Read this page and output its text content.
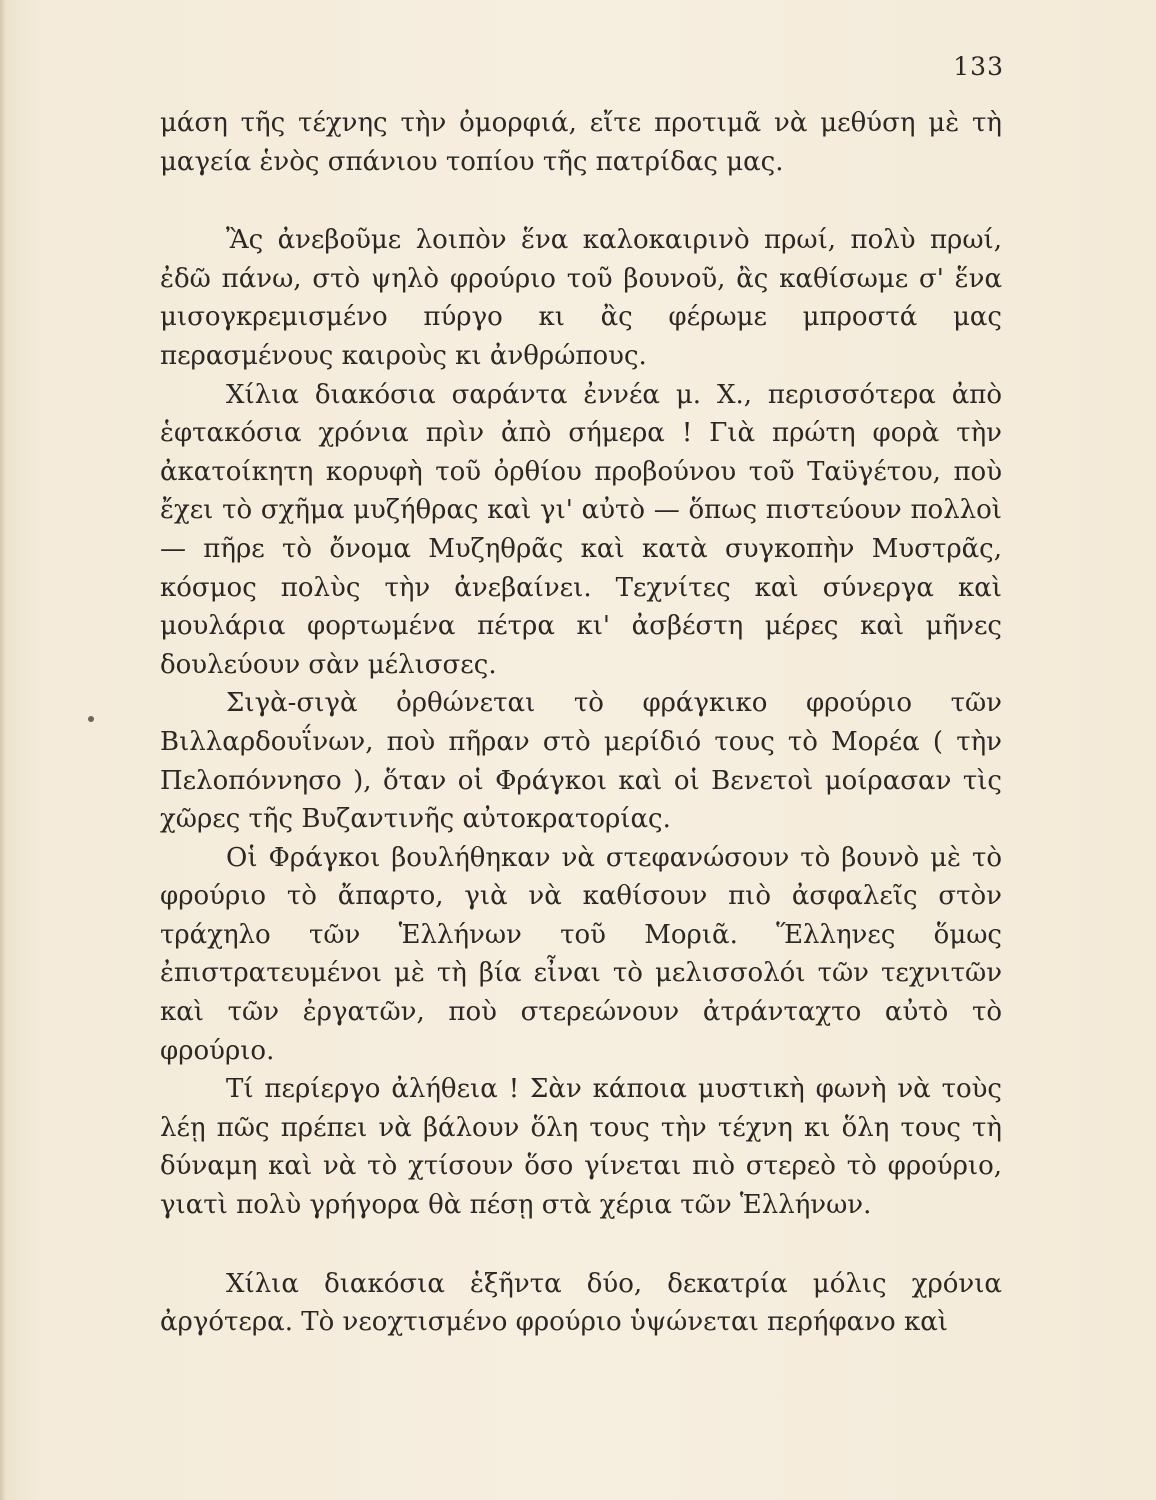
133

μάση τῆς τέχνης τὴν ὀμορφιά, εἴτε προτιμᾶ νὰ μεθύση μὲ τὴ μαγεία ἑνὸς σπάνιου τοπίου τῆς πατρίδας μας.

Ἂς ἀνεβοῦμε λοιπὸν ἕνα καλοκαιρινὸ πρωί, πολὺ πρωί, ἐδῶ πάνω, στὸ ψηλὸ φρούριο τοῦ βουνοῦ, ἂς καθίσωμε σ' ἕνα μισογκρεμισμένο πύργο κι ἂς φέρωμε μπροστά μας περασμένους καιροὺς κι ἀνθρώπους.

Χίλια διακόσια σαράντα ἐννέα μ. Χ., περισσότερα ἀπὸ ἑφτακόσια χρόνια πρὶν ἀπὸ σήμερα ! Γιὰ πρώτη φορὰ τὴν ἀκατοίκητη κορυφὴ τοῦ ὀρθίου προβούνου τοῦ Ταϋγέτου, ποὺ ἔχει τὸ σχῆμα μυζήθρας καὶ γι' αὐτὸ — ὅπως πιστεύουν πολλοὶ — πῆρε τὸ ὄνομα Μυζηθρᾶς καὶ κατὰ συγκοπὴν Μυστρᾶς, κόσμος πολὺς τὴν ἀνεβαίνει. Τεχνίτες καὶ σύνεργα καὶ μουλάρια φορτωμένα πέτρα κι' ἀσβέστη μέρες καὶ μῆνες δουλεύουν σὰν μέλισσες.

Σιγὰ-σιγὰ ὀρθώνεται τὸ φράγκικο φρούριο τῶν Βιλλαρδουΐνων, ποὺ πῆραν στὸ μερίδιό τους τὸ Μορέα ( τὴν Πελοπόννησο ), ὅταν οἱ Φράγκοι καὶ οἱ Βενετοὶ μοίρασαν τὶς χῶρες τῆς Βυζαντινῆς αὐτοκρατορίας.

Οἱ Φράγκοι βουλήθηκαν νὰ στεφανώσουν τὸ βουνὸ μὲ τὸ φρούριο τὸ ἄπαρτο, γιὰ νὰ καθίσουν πιὸ ἀσφαλεῖς στὸν τράχηλο τῶν Ἑλλήνων τοῦ Μοριᾶ. Ἕλληνες ὅμως ἐπιστρατευμένοι μὲ τὴ βία εἶναι τὸ μελισσολόι τῶν τεχνιτῶν καὶ τῶν ἐργατῶν, ποὺ στερεώνουν ἀτράνταχτο αὐτὸ τὸ φρούριο.

Τί περίεργο ἀλήθεια ! Σὰν κάποια μυστικὴ φωνὴ νὰ τοὺς λέῃ πῶς πρέπει νὰ βάλουν ὅλη τους τὴν τέχνη κι ὅλη τους τὴ δύναμη καὶ νὰ τὸ χτίσουν ὅσο γίνεται πιὸ στερεὸ τὸ φρούριο, γιατὶ πολὺ γρήγορα θὰ πέσῃ στὰ χέρια τῶν Ἑλλήνων.

Χίλια διακόσια ἑξῆντα δύο, δεκατρία μόλις χρόνια ἀργότερα. Τὸ νεοχτισμένο φρούριο ὑψώνεται περήφανο καὶ
